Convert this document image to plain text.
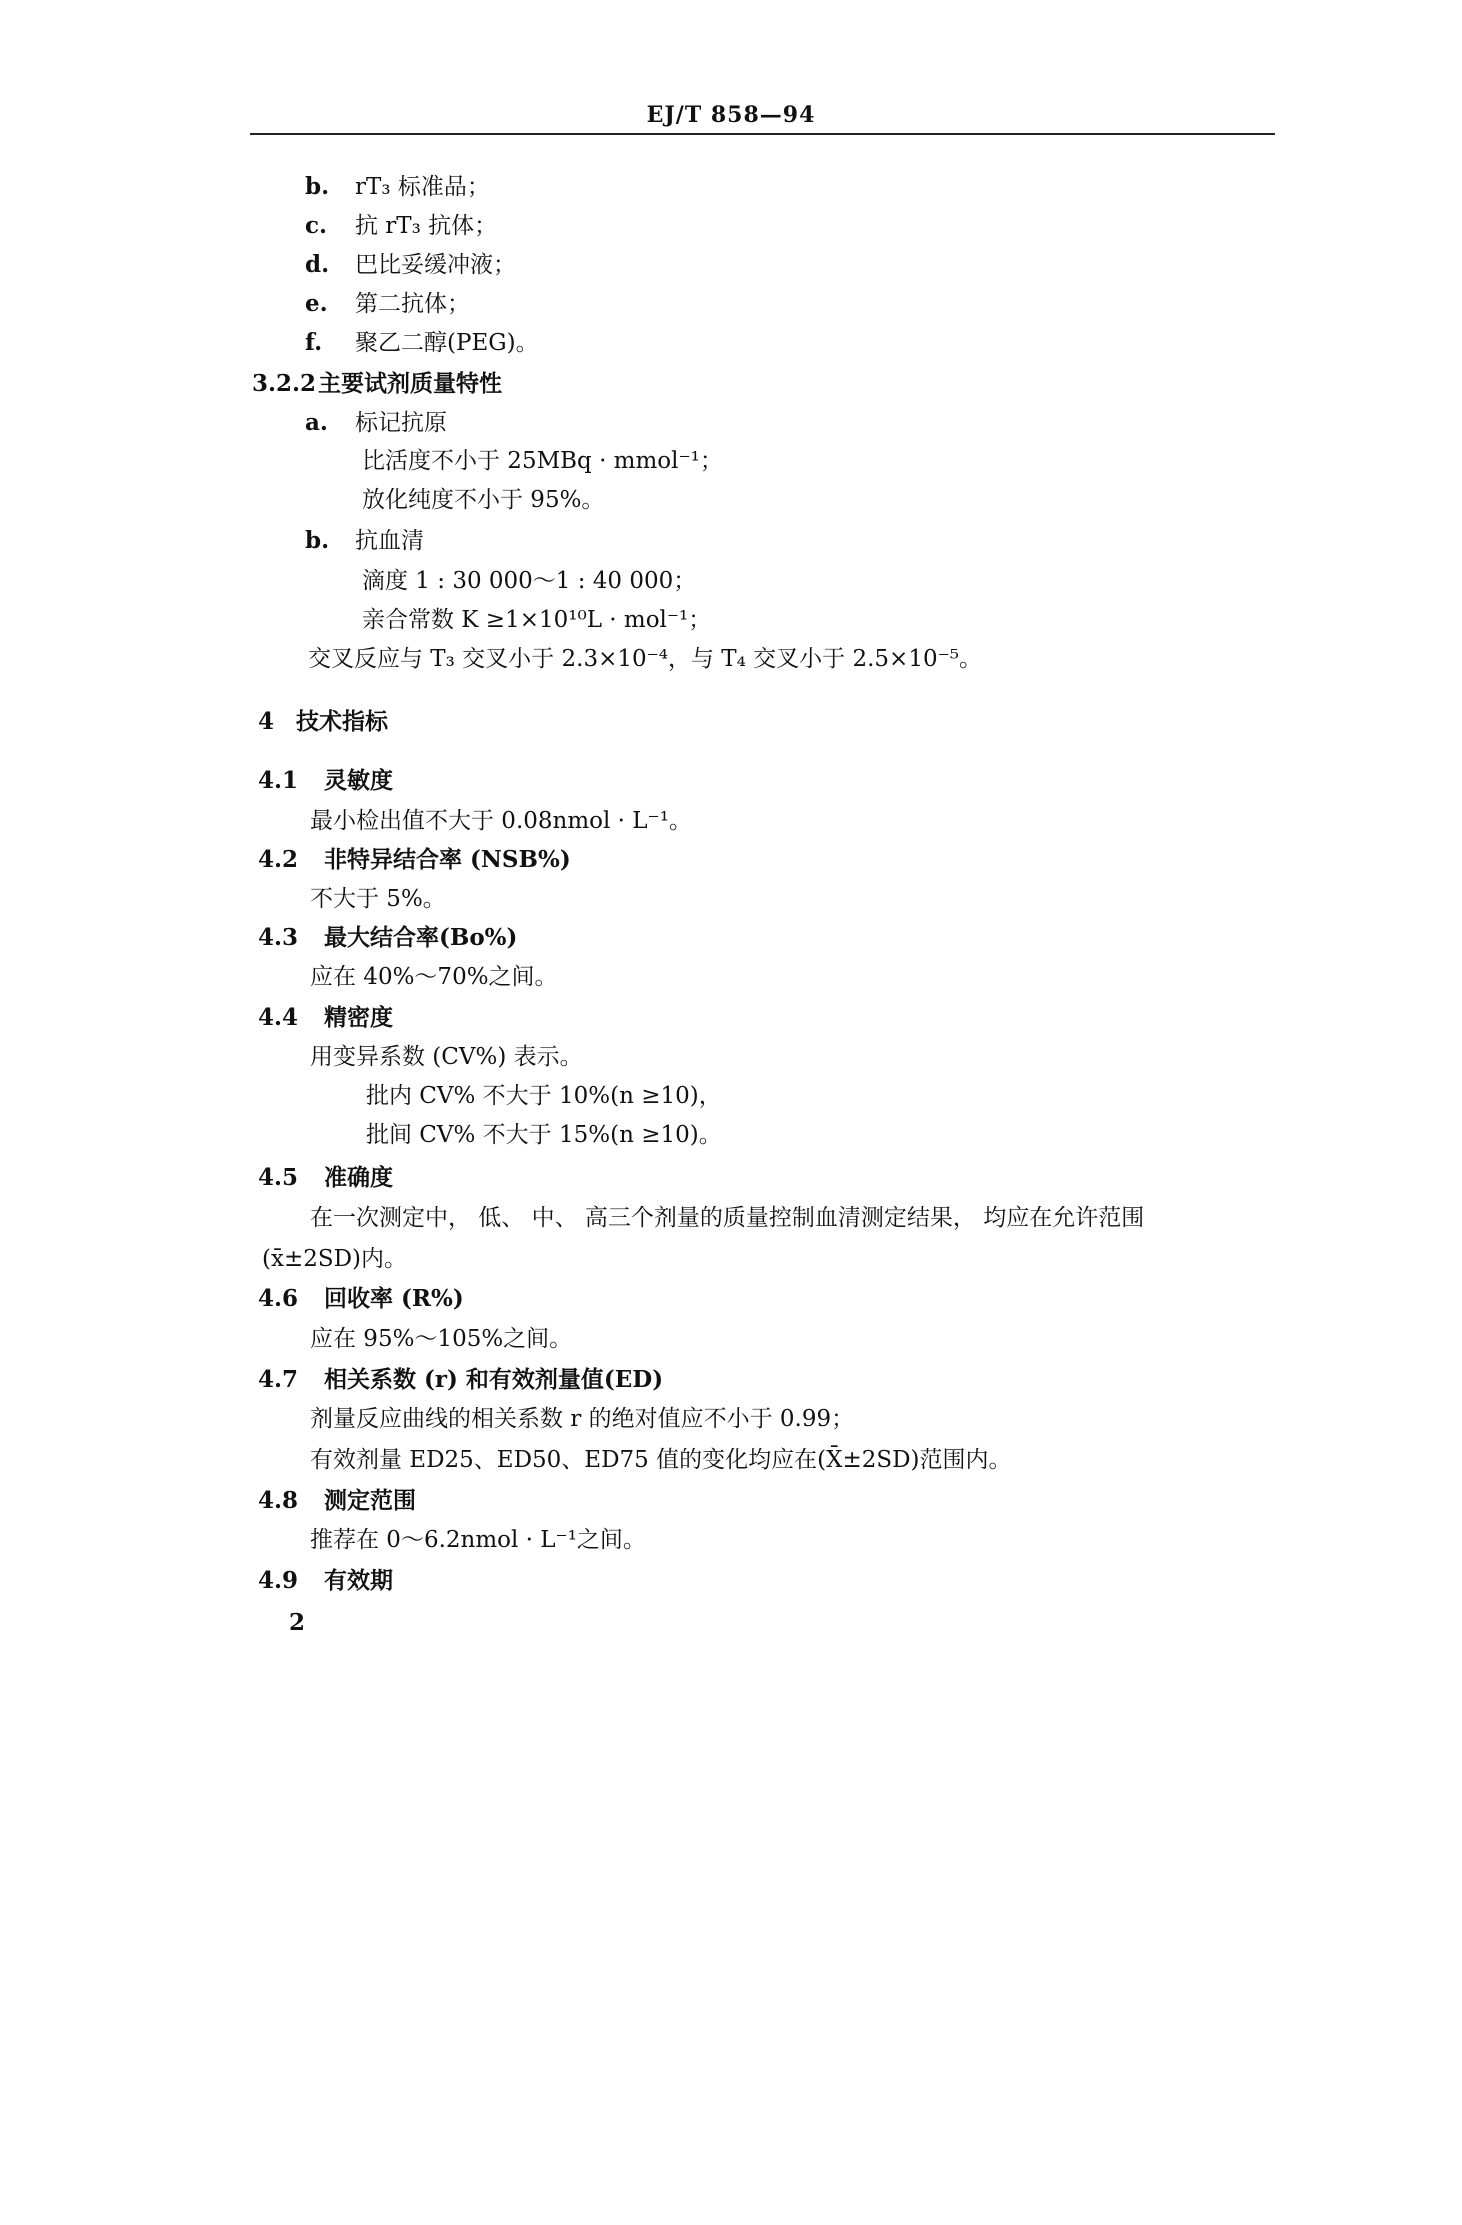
EJ/T 858—94
b. rT₃ 标准品；
c. 抗 rT₃ 抗体；
d. 巴比妥缓冲液；
e. 第二抗体；
f. 聚乙二醇(PEG)。
3.2.2主要试剂质量特性
a. 标记抗原
比活度不小于 25MBq · mmol⁻¹；
放化纯度不小于 95%。
b. 抗血清
滴度 1 : 30 000～1 : 40 000；
亲合常数 K ≥1×10¹⁰L · mol⁻¹；
交叉反应与 T₃ 交叉小于 2.3×10⁻⁴，与 T₄ 交叉小于 2.5×10⁻⁵。
4 技术指标
4.1 灵敏度
最小检出值不大于 0.08nmol · L⁻¹。
4.2 非特异结合率 (NSB%)
不大于 5%。
4.3 最大结合率(Bo%)
应在 40%～70%之间。
4.4 精密度
用变异系数 (CV%) 表示。
批内 CV% 不大于 10%(n ≥10)，
批间 CV% 不大于 15%(n ≥10)。
4.5 准确度
在一次测定中， 低、 中、 高三个剂量的质量控制血清测定结果， 均应在允许范围
(x̄±2SD)内。
4.6 回收率 (R%)
应在 95%～105%之间。
4.7 相关系数 (r) 和有效剂量值(ED)
剂量反应曲线的相关系数 r 的绝对值应不小于 0.99；
有效剂量 ED25、ED50、ED75 值的变化均应在(X̄±2SD)范围内。
4.8 测定范围
推荐在 0～6.2nmol · L⁻¹之间。
4.9 有效期
2
